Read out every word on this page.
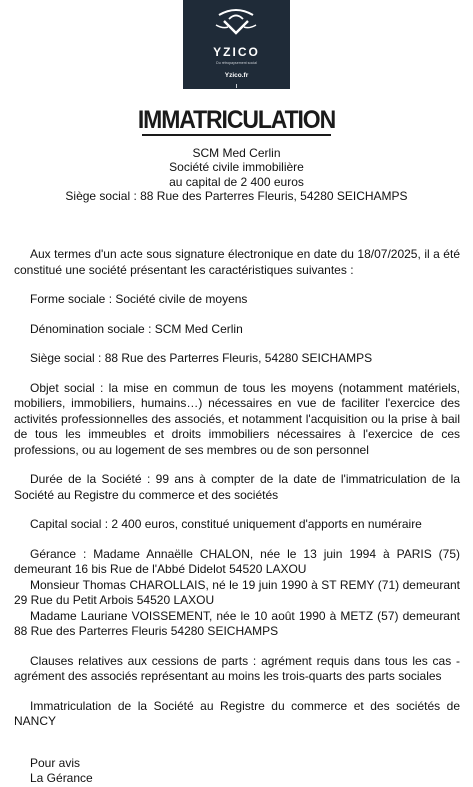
YZICO
Du rétropaysement social
Yzico.fr
IMMATRICULATION
SCM Med Cerlin
Société civile immobilière
au capital de 2 400 euros
Siège social : 88 Rue des Parterres Fleuris, 54280 SEICHAMPS

Aux termes d'un acte sous signature électronique en date du 18/07/2025, il a été constitué une société présentant les caractéristiques suivantes :

Forme sociale : Société civile de moyens

Dénomination sociale : SCM Med Cerlin

Siège social : 88 Rue des Parterres Fleuris, 54280 SEICHAMPS

Objet social : la mise en commun de tous les moyens (notamment matériels, mobiliers, immobiliers, humains…) nécessaires en vue de faciliter l'exercice des activités professionnelles des associés, et notamment l'acquisition ou la prise à bail de tous les immeubles et droits immobiliers nécessaires à l'exercice de ces professions, ou au logement de ses membres ou de son personnel

Durée de la Société : 99 ans à compter de la date de l'immatriculation de la Société au Registre du commerce et des sociétés

Capital social : 2 400 euros, constitué uniquement d'apports en numéraire

Gérance : Madame Annaëlle CHALON, née le 13 juin 1994 à PARIS (75) demeurant 16 bis Rue de l'Abbé Didelot 54520 LAXOU

Monsieur Thomas CHAROLLAIS, né le 19 juin 1990 à ST REMY (71) demeurant 29 Rue du Petit Arbois 54520 LAXOU

Madame Lauriane VOISSEMENT, née le 10 août 1990 à METZ (57) demeurant 88 Rue des Parterres Fleuris 54280 SEICHAMPS

Clauses relatives aux cessions de parts : agrément requis dans tous les cas - agrément des associés représentant au moins les trois-quarts des parts sociales

Immatriculation de la Société au Registre du commerce et des sociétés de NANCY

Pour avis
La Gérance
